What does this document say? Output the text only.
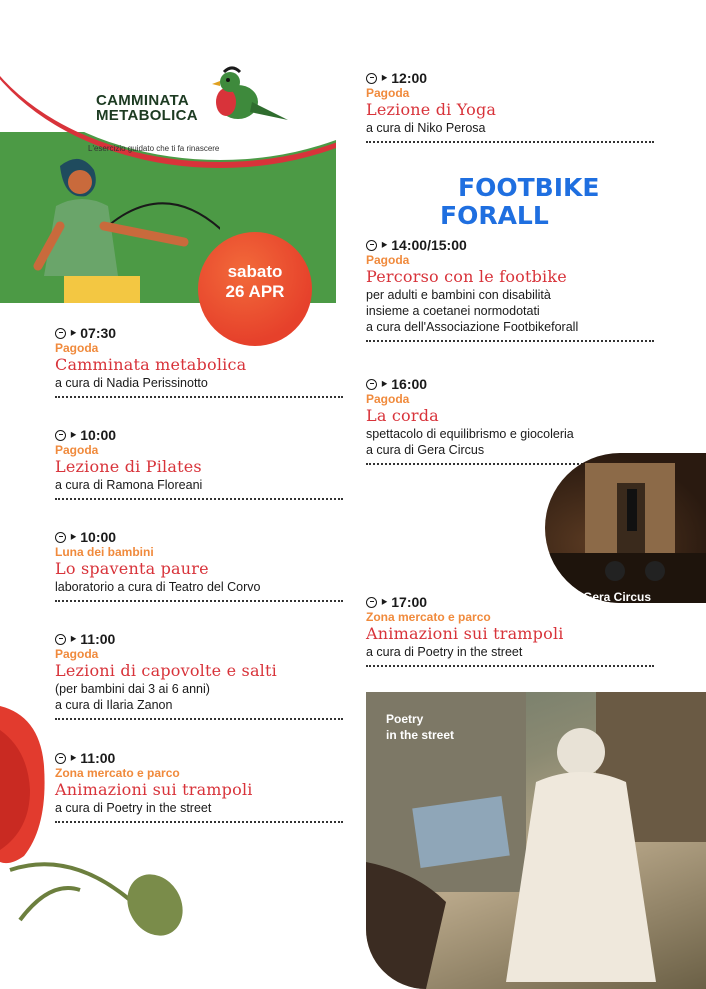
CAMMINATA
METABOLICA
L'esercizio guidato che ti fa rinascere
sabato
26 APR
‣ 07:30
Pagoda
Camminata metabolica
a cura di Nadia Perissinotto
‣ 10:00
Pagoda
Lezione di Pilates
a cura di Ramona Floreani
‣ 10:00
Luna dei bambini
Lo spaventa paure
laboratorio a cura di Teatro del Corvo
‣ 11:00
Pagoda
Lezioni di capovolte e salti
(per bambini dai 3 ai 6 anni)
a cura di Ilaria Zanon
‣ 11:00
Zona mercato e parco
Animazioni sui trampoli
a cura di Poetry in the street
‣ 12:00
Pagoda
Lezione di Yoga
a cura di Niko Perosa
FOOTBIKE
FORALL
‣ 14:00/15:00
Pagoda
Percorso con le footbike
per adulti e bambini con disabilità
insieme a coetanei normodotati
a cura dell'Associazione Footbikeforall
‣ 16:00
Pagoda
La corda
spettacolo di equilibrismo e giocoleria
a cura di Gera Circus
Gera Circus
‣ 17:00
Zona mercato e parco
Animazioni sui trampoli
a cura di Poetry in the street
Poetry
in the street
